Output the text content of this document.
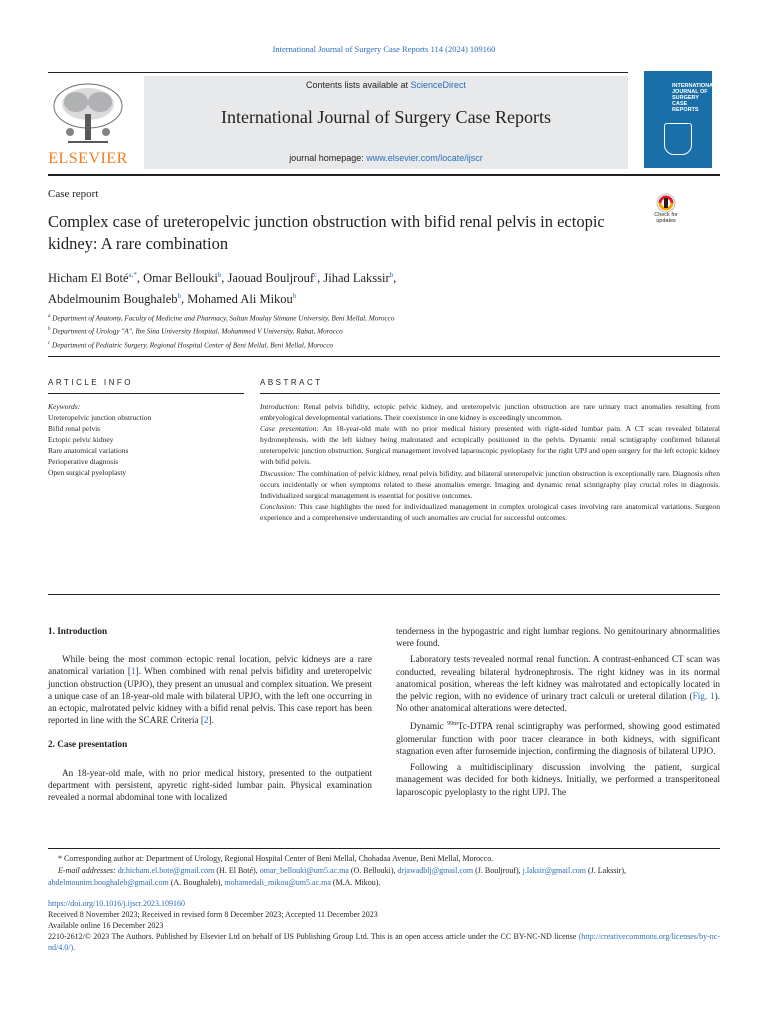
International Journal of Surgery Case Reports 114 (2024) 109160
ELSEVIER
Contents lists available at ScienceDirect
International Journal of Surgery Case Reports
journal homepage: www.elsevier.com/locate/ijscr
INTERNATIONAL JOURNAL OF SURGERY CASE REPORTS
Case report
Complex case of ureteropelvic junction obstruction with bifid renal pelvis in ectopic kidney: A rare combination
Check for updates
Hicham El Boté$^{a,*}$, Omar Bellouki$^b$, Jaouad Bouljrouf$^c$, Jihad Lakssir$^b$,
Abdelmounim Boughaleb$^b$, Mohamed Ali Mikou$^b$
$^a$ Department of Anatomy, Faculty of Medicine and Pharmacy, Sultan Moulay Slimane University, Beni Mellal, Morocco
$^b$ Department of Urology "A", Ibn Sina University Hospital, Mohammed V University, Rabat, Morocco
$^c$ Department of Pediatric Surgery, Regional Hospital Center of Beni Mellal, Beni Mellal, Morocco
ARTICLE INFO	ABSTRACT
Keywords:
Ureteropelvic junction obstruction
Bifid renal pelvis
Ectopic pelvic kidney
Rare anatomical variations
Perioperative diagnosis
Open surgical pyeloplasty

Introduction: Renal pelvis bifidity, ectopic pelvic kidney, and ureteropelvic junction obstruction are rare urinary tract anomalies resulting from embryological developmental variations. Their coexistence in one kidney is exceedingly uncommon.

Case presentation: An 18-year-old male with no prior medical history presented with right-sided lumbar pain. A CT scan revealed bilateral hydronephrosis, with the left kidney being malrotated and ectopically positioned in the pelvis. Dynamic renal scintigraphy confirmed bilateral ureteropelvic junction obstruction. Surgical management involved laparoscopic pyeloplasty for the right UPJ and open surgery for the left ectopic kidney with bifid pelvis.

Discussion: The combination of pelvic kidney, renal pelvis bifidity, and bilateral ureteropelvic junction obstruction is exceptionally rare. Diagnosis often occurs incidentally or when symptoms related to these anomalies emerge. Imaging and dynamic renal scintigraphy play crucial roles in diagnosis. Individualized surgical management is essential for positive outcomes.

Conclusion: This case highlights the need for individualized management in complex urological cases involving rare anatomical variations. Surgeon experience and a comprehensive understanding of such anomalies are crucial for successful outcomes.

1. Introduction

While being the most common ectopic renal location, pelvic kidneys are a rare anatomical variation [1]. When combined with renal pelvis bifidity and ureteropelvic junction obstruction (UPJO), they present an unusual and complex situation. We present a unique case of an 18-year-old male with bilateral UPJO, with the left one occurring in an ectopic, malrotated pelvic kidney with a bifid renal pelvis. This case report has been reported in line with the SCARE Criteria [2].

2. Case presentation

An 18-year-old male, with no prior medical history, presented to the outpatient department with persistent, apyretic right-sided lumbar pain. Physical examination revealed a normal abdominal tone with localized

tenderness in the hypogastric and right lumbar regions. No genitourinary abnormalities were found.

Laboratory tests revealed normal renal function. A contrast-enhanced CT scan was conducted, revealing bilateral hydronephrosis. The right kidney was in its normal anatomical position, whereas the left kidney was malrotated and ectopically located in the pelvic region, with no evidence of urinary tract calculi or ureteral dilation (Fig. 1). No other anatomical alterations were detected.

Dynamic $^{99m}$Tc-DTPA renal scintigraphy was performed, showing good estimated glomerular function with poor tracer clearance in both kidneys, with significant stagnation even after furosemide injection, confirming the diagnosis of bilateral UPJO.

Following a multidisciplinary discussion involving the patient, surgical management was decided for both kidneys. Initially, we performed a transperitoneal laparoscopic pyeloplasty to the right UPJ. The

* Corresponding author at: Department of Urology, Regional Hospital Center of Beni Mellal, Chohadaa Avenue, Beni Mellal, Morocco.

E-mail addresses: dr.hicham.el.bote@gmail.com (H. El Boté), omar_bellouki@um5.ac.ma (O. Bellouki), drjawadblj@gmail.com (J. Bouljrouf), j.laksir@gmail.com (J. Lakssir), abdelmounim.boughaleb@gmail.com (A. Boughaleb), mohamedali_mikou@um5.ac.ma (M.A. Mikou).

https://doi.org/10.1016/j.ijscr.2023.109160

Received 8 November 2023; Received in revised form 8 December 2023; Accepted 11 December 2023

Available online 16 December 2023

2210-2612/© 2023 The Authors. Published by Elsevier Ltd on behalf of IJS Publishing Group Ltd. This is an open access article under the CC BY-NC-ND license (http://creativecommons.org/licenses/by-nc-nd/4.0/).
